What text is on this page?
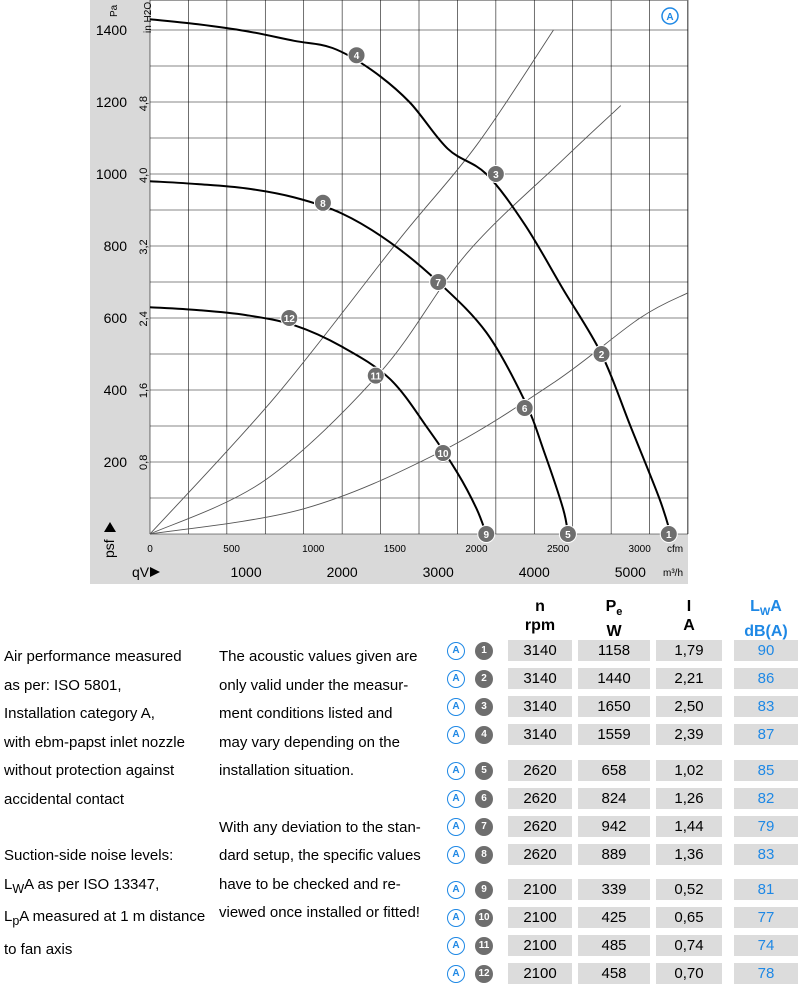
1
2
3
4
5
6
7
8
9
10
11
12
200
400
600
800
1000
1200
1400
0,8
1,6
2,4
3,2
4,0
4,8
0	500	1000	1500	2000	2500	3000
1000	2000	3000	4000	5000
Pa in H2O
psf	cfm
m³/h
qV
A
Air performance measured
as per: ISO 5801,
Installation category A,
with ebm-papst inlet nozzle
without protection against
accidental contact
Suction-side noise levels:
$L_WA$ as per ISO 13347,
$L_pA$ measured at 1 m distance
to fan axis
The acoustic values given are
only valid under the measur-
ment conditions listed and
may vary depending on the
installation situation.
With any deviation to the stan-
dard setup, the specific values
have to be checked and re-
viewed once installed or fitted!
n
rpm
$P_e$
W
I
A
$L_WA$
dB(A)
A	1	3140	1158	1,79	90
A	2	3140	1440	2,21	86
A	3	3140	1650	2,50	83
A	4	3140	1559	2,39	87
A	5	2620	658	1,02	85
A	6	2620	824	1,26	82
A	7	2620	942	1,44	79
A	8	2620	889	1,36	83
A	9	2100	339	0,52	81
A	10	2100	425	0,65	77
A	11	2100	485	0,74	74
A	12	2100	458	0,70	78
